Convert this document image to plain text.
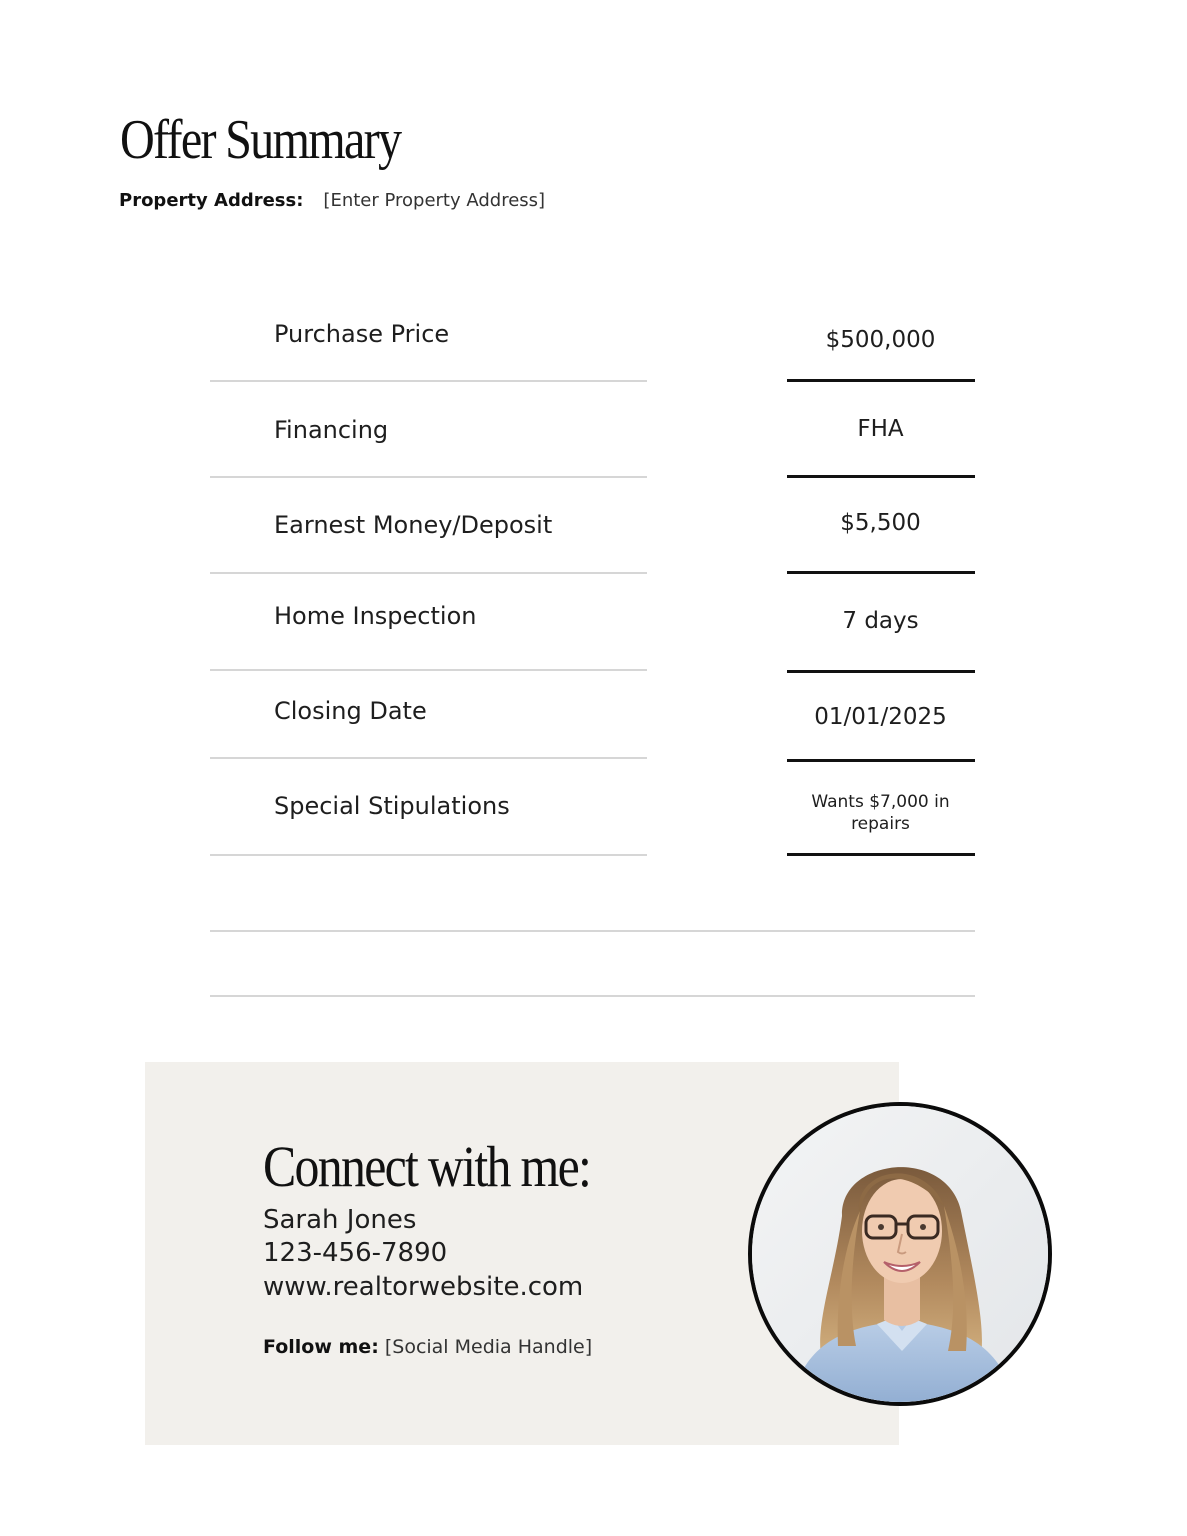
Offer Summary
Property Address: [Enter Property Address]
Purchase Price	$500,000
Financing	FHA
Earnest Money/Deposit	$5,500
Home Inspection	7 days
Closing Date	01/01/2025
Special Stipulations	Wants $7,000 in repairs
Connect with me:
Sarah Jones
123-456-7890
www.realtorwebsite.com
Follow me: [Social Media Handle]
